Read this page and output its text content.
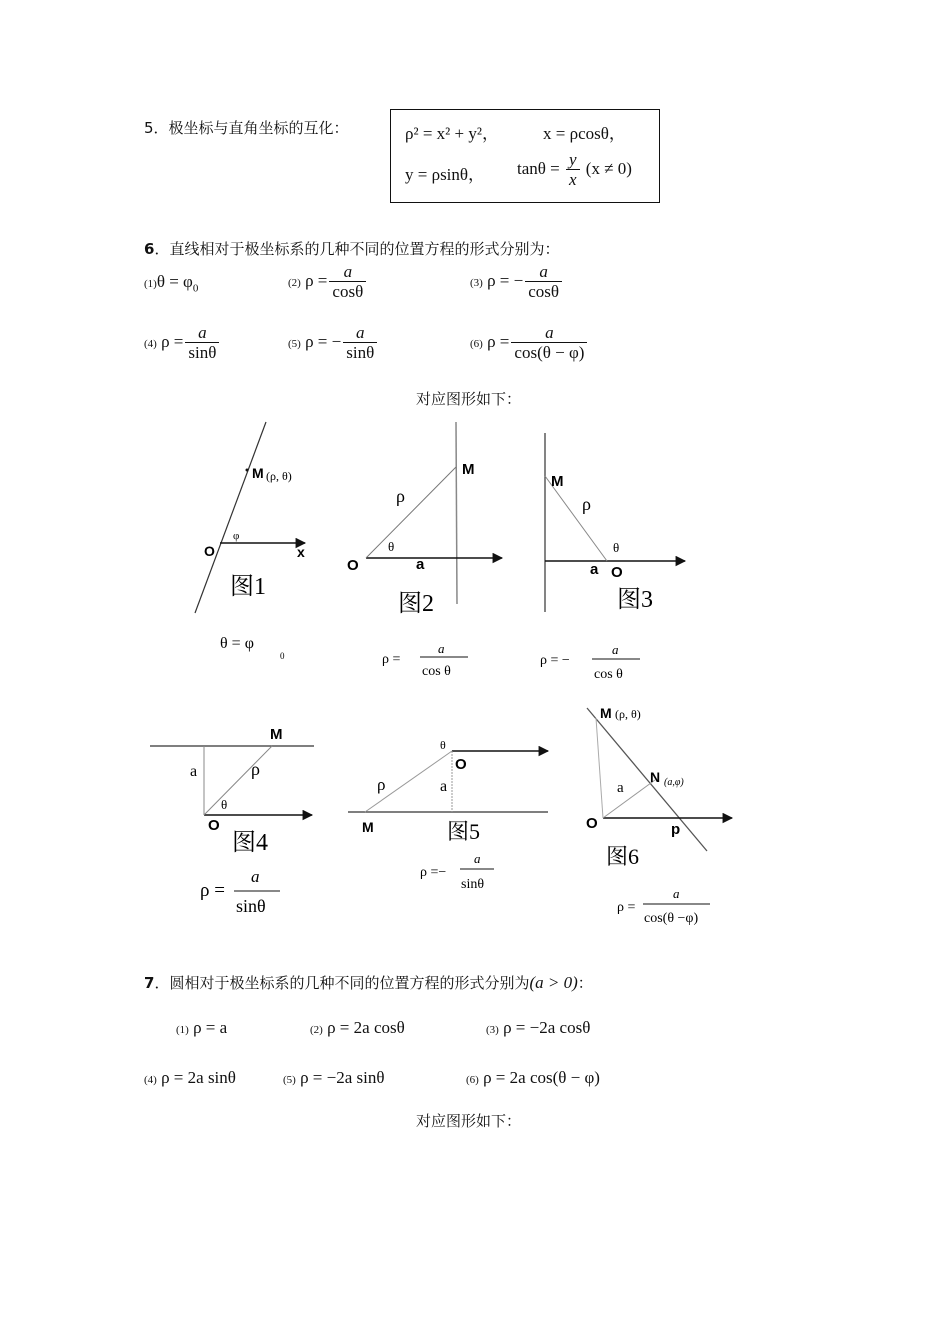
5．极坐标与直角坐标的互化：	ρ² = x² + y²，	x = ρcosθ，
y = ρsinθ， $\tan\theta = \frac{y}{x} (x \ne 0)$
6．直线相对于极坐标系的几种不同的位置方程的形式分别为：
$(1)\theta = \varphi_0$	(2) $\rho = \frac{a}{\cos\theta}$	(3) ρ = − $\frac{a}{\cos\theta}$
(4) $\rho = \frac{a}{\sin\theta}$	(5) ρ = − $\frac{a}{\sin\theta}$	(6) $\rho = \frac{a}{\cos(\theta - \varphi)}$
对应图形如下：
M (ρ, θ)
φ
O	x
图1
θ = φ
0
M
ρ
θ
O	a
图2
ρ =
a
cos θ
M
ρ
θ
a O
图3
ρ = −
a
cos θ
M
a	ρ
θ
O
图4
ρ =
a
sinθ
θ
O
ρ	a
M	图5
ρ =−
a
sinθ
M (ρ, θ)
N (a,φ)
a
O	p
图6
ρ =
a
cos(θ −φ)
7．圆相对于极坐标系的几种不同的位置方程的形式分别为(a > 0)：
(1) ρ = a	(2) ρ = 2a cosθ	(3) ρ = −2a cosθ
(4) ρ = 2a sinθ	(5) ρ = −2a sinθ	(6) ρ = 2a cos(θ − φ)
对应图形如下：
